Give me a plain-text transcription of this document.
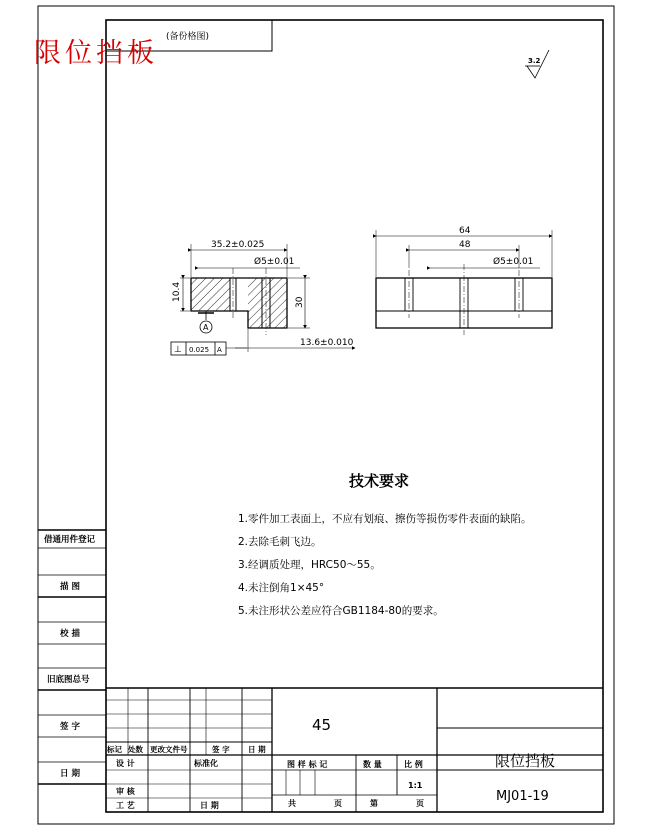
(备份格图)
3.2
35.2±0.025
Ø5±0.01
10.4
30
13.6±0.010
A
⊥ 0.025 A
64
48
Ø5±0.01
技术要求
1.零件加工表面上，不应有划痕、擦伤等损伤零件表面的缺陷。
2.去除毛刺飞边。
3.经调质处理，HRC50～55。
4.未注倒角1×45°
5.未注形状公差应符合GB1184-80的要求。
借通用件登记
描 图
校 描
旧底图总号
签 字
日 期
标记 处数 更改文件号	签 字 日 期
设 计	标准化
审 核
工 艺	日 期
45
图 样 标 记	数 量	比 例
1:1
共	页	第	页
限位挡板
MJ01-19
限位挡板
